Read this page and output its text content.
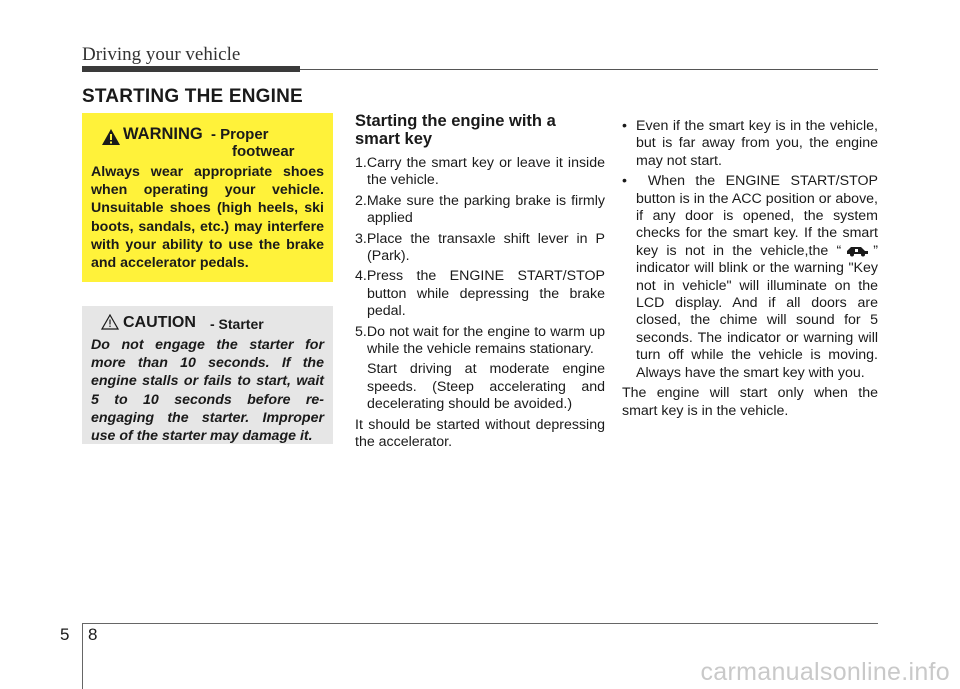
Driving your vehicle
STARTING THE ENGINE
WARNING - Proper
footwear
Always wear appropriate shoes when operating your vehicle. Unsuitable shoes (high heels, ski boots, sandals, etc.) may interfere with your ability to use the brake and accelerator pedals.
CAUTION - Starter
Do not engage the starter for more than 10 seconds. If the engine stalls or fails to start, wait 5 to 10 seconds before re-engaging the starter. Improper use of the starter may damage it.
Starting the engine with a smart key

1.Carry the smart key or leave it inside the vehicle.

2.Make sure the parking brake is firmly applied

3.Place the transaxle shift lever in P (Park).

4.Press the ENGINE START/STOP button while depressing the brake pedal.

5.Do not wait for the engine to warm up while the vehicle remains stationary.

Start driving at moderate engine speeds. (Steep accelerating and decelerating should be avoided.)

It should be started without depressing the accelerator.

•  Even if the smart key is in the vehicle, but is far away from you, the engine may not start.

•  When the ENGINE START/STOP button is in the ACC position or above, if any door is opened, the system checks for the smart key. If the smart key is not in the vehicle,the “ ” indicator will blink or the warning "Key not in vehicle" will illuminate on the LCD display. And if all doors are closed, the chime will sound for 5 seconds. The indicator or warning will turn off while the vehicle is moving. Always have the smart key with you.

The engine will start only when the smart key is in the vehicle.

5 8
carmanualsonline.info
